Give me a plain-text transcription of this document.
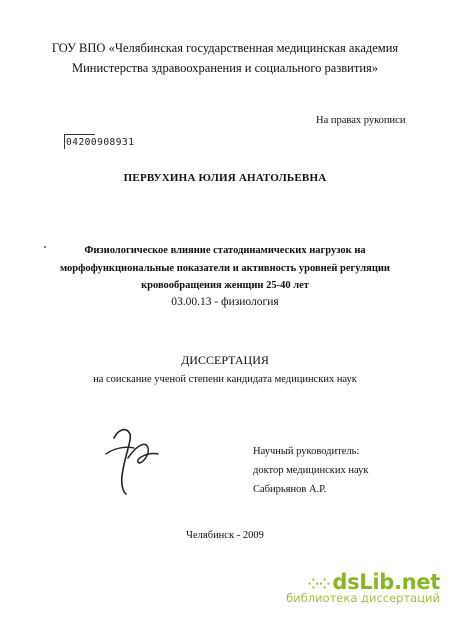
ГОУ ВПО «Челябинская государственная медицинская академия
Министерства здравоохранения и социального развития»
На правах рукописи
04200908931
ПЕРВУХИНА ЮЛИЯ АНАТОЛЬЕВНА
Физиологическое влияние статодинамических нагрузок на
морфофункциональные показатели и активность уровней регуляции
кровообращения женщин 25-40 лет
03.00.13 - физиология
ДИССЕРТАЦИЯ
на соискание ученой степени кандидата медицинских наук
Научный руководитель:
доктор медицинских наук
Сабирьянов А.Р.
Челябинск - 2009
⁘⁘dsLib.net
библиотека диссертаций
